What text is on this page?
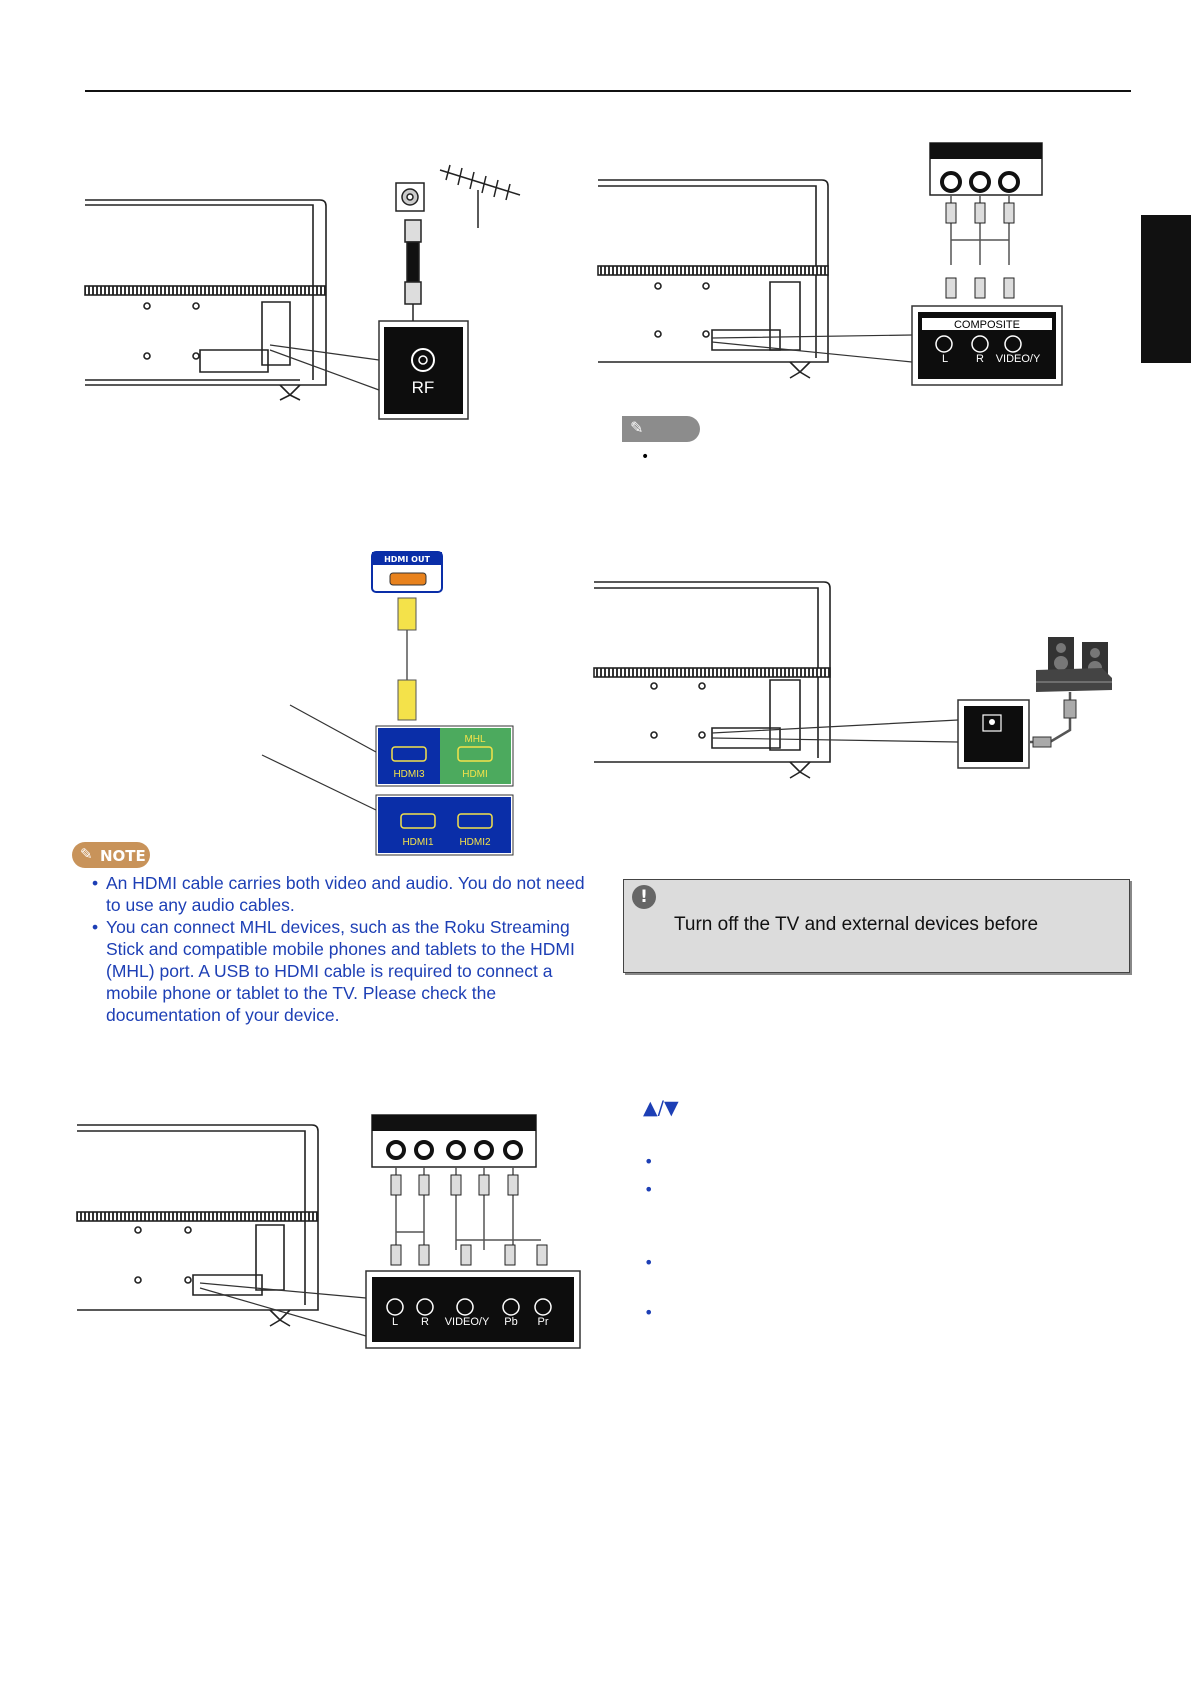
RF
COMPOSITE
L	R VIDEO/Y
HDMI OUT
MHL
HDMI
HDMI3
HDMI1	HDMI2
L R VIDEO/Y Pb Pr
✎
•
✎ NOTE
• An HDMI cable carries both video and audio. You do not need to use any audio cables.
• You can connect MHL devices, such as the Roku Streaming Stick and compatible mobile phones and tablets to the HDMI (MHL) port. A USB to HDMI cable is required to connect a mobile phone or tablet to the TV. Please check the documentation of your device.
!
Turn off the TV and external devices before
▲/▼
•
•
•
•
